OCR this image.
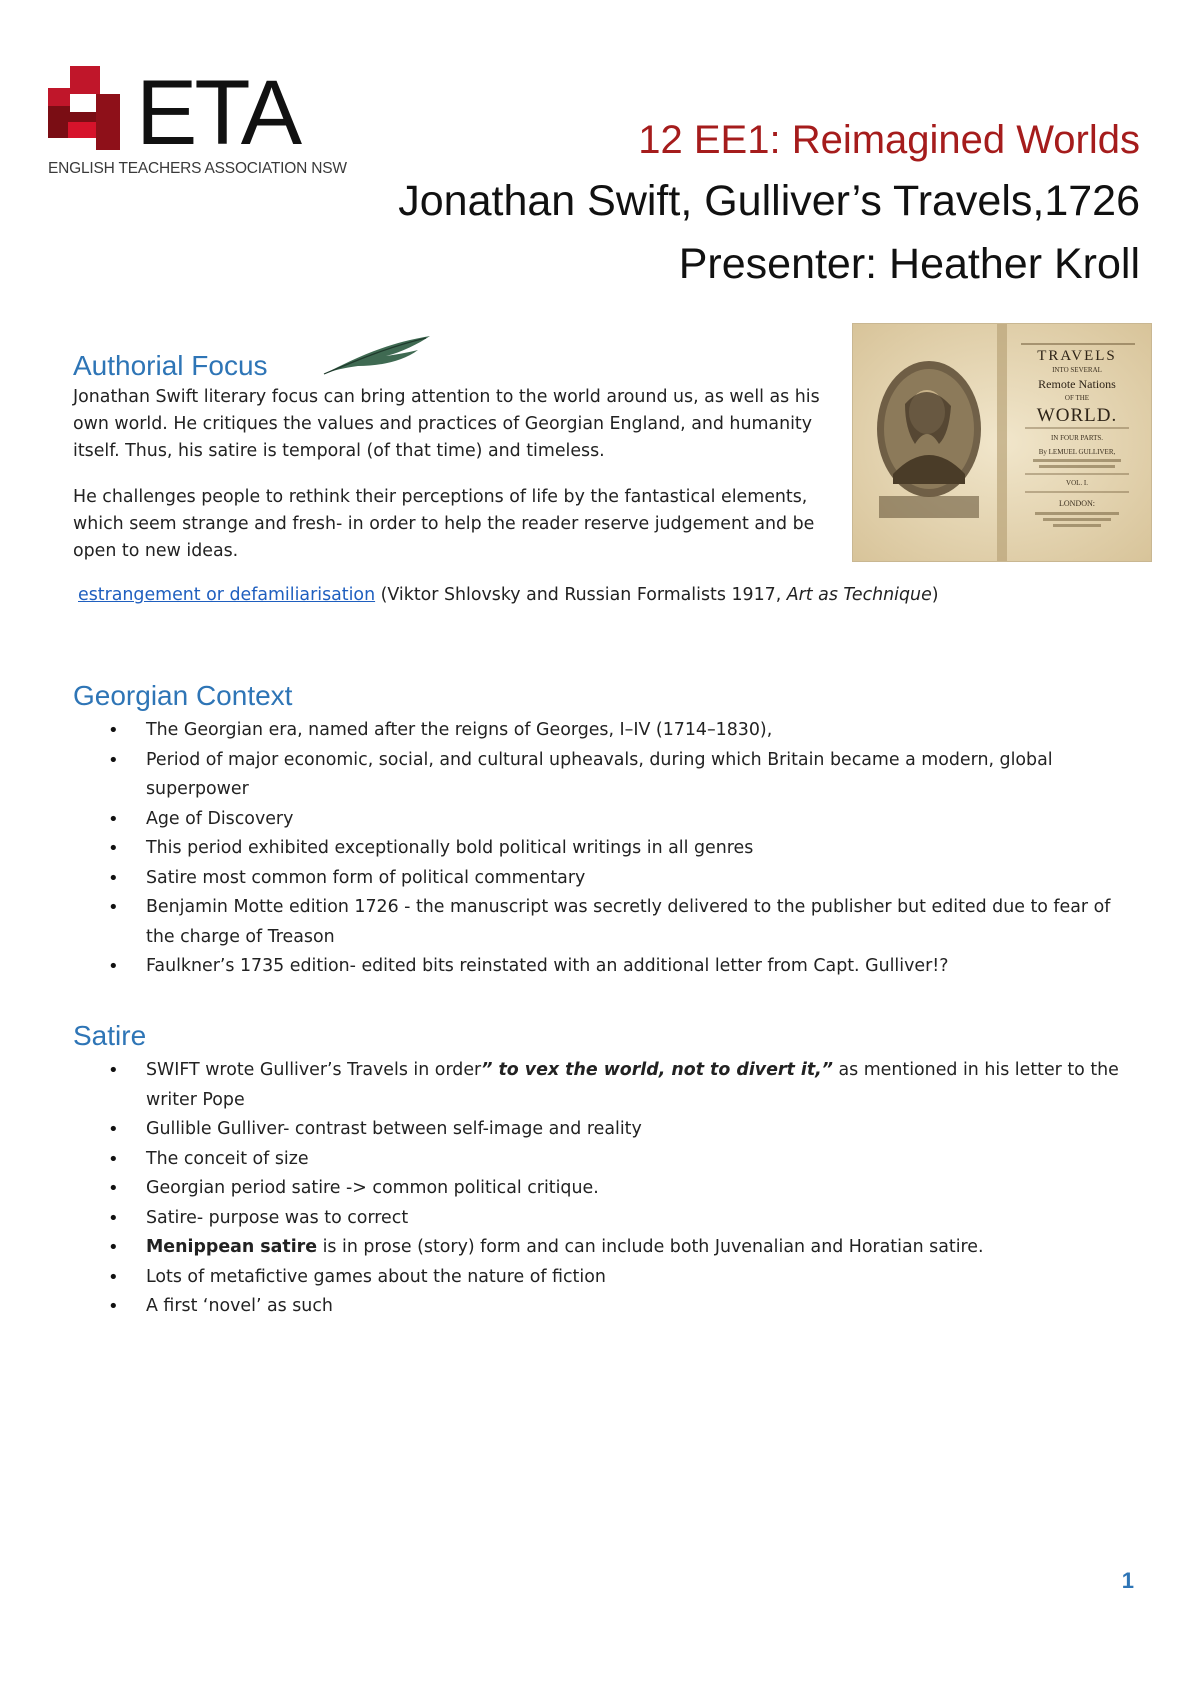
ETA
ENGLISH TEACHERS ASSOCIATION NSW
12 EE1: Reimagined Worlds
Jonathan Swift, Gulliver’s Travels,1726
Presenter: Heather Kroll
TRAVELS
INTO SEVERAL
Remote Nations
OF THE
WORLD.
IN FOUR PARTS.
By LEMUEL GULLIVER,
VOL. I.
LONDON:
Authorial Focus

Jonathan Swift literary focus can bring attention to the world around us, as well as his own world. He critiques the values and practices of Georgian England, and humanity itself. Thus, his satire is temporal (of that time) and timeless.

He challenges people to rethink their perceptions of life by the fantastical elements, which seem strange and fresh- in order to help the reader reserve judgement and be open to new ideas.

estrangement or defamiliarisation (Viktor Shlovsky and Russian Formalists 1917, Art as Technique)

Georgian Context
• The Georgian era, named after the reigns of Georges, I–IV (1714–1830),
• Period of major economic, social, and cultural upheavals, during which Britain became a modern, global superpower
• Age of Discovery
• This period exhibited exceptionally bold political writings in all genres
• Satire most common form of political commentary
• Benjamin Motte edition 1726 - the manuscript was secretly delivered to the publisher but edited due to fear of the charge of Treason
• Faulkner’s 1735 edition- edited bits reinstated with an additional letter from Capt. Gulliver!?
Satire
• SWIFT wrote Gulliver’s Travels in order” to vex the world, not to divert it,” as mentioned in his letter to the writer Pope
• Gullible Gulliver- contrast between self-image and reality
• The conceit of size
• Georgian period satire -> common political critique.
• Satire- purpose was to correct
• Menippean satire is in prose (story) form and can include both Juvenalian and Horatian satire.
• Lots of metafictive games about the nature of fiction
• A first ‘novel’ as such
1
